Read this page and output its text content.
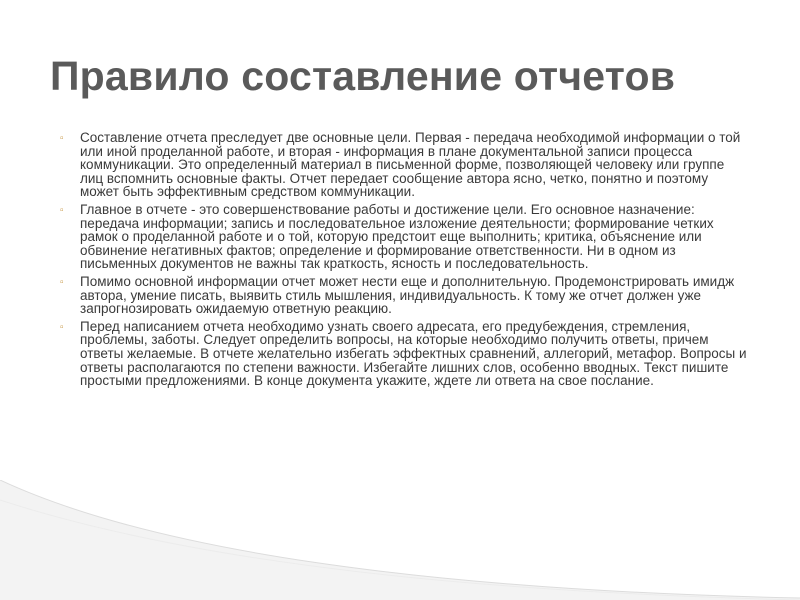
Правило составление отчетов
▫ Составление отчета преследует две основные цели. Первая - передача необходимой информации о той или иной проделанной работе, и вторая - информация в плане документальной записи процесса коммуникации. Это определенный материал в письменной форме, позволяющей человеку или группе лиц вспомнить основные факты. Отчет передает сообщение автора ясно, четко, понятно и поэтому может быть эффективным средством коммуникации.
▫ Главное в отчете - это совершенствование работы и достижение цели. Его основное назначение: передача информации; запись и последовательное изложение деятельности; формирование четких рамок о проделанной работе и о той, которую предстоит еще выполнить; критика, объяснение или обвинение негативных фактов; определение и формирование ответственности. Ни в одном из письменных документов не важны так краткость, ясность и последовательность.
▫ Помимо основной информации отчет может нести еще и дополнительную. Продемонстрировать имидж автора, умение писать, выявить стиль мышления, индивидуальность. К тому же отчет должен уже запрогнозировать ожидаемую ответную реакцию.
▫ Перед написанием отчета необходимо узнать своего адресата, его предубеждения, стремления, проблемы, заботы. Следует определить вопросы, на которые необходимо получить ответы, причем ответы желаемые. В отчете желательно избегать эффектных сравнений, аллегорий, метафор. Вопросы и ответы располагаются по степени важности. Избегайте лишних слов, особенно вводных. Текст пишите простыми предложениями. В конце документа укажите, ждете ли ответа на свое послание.
